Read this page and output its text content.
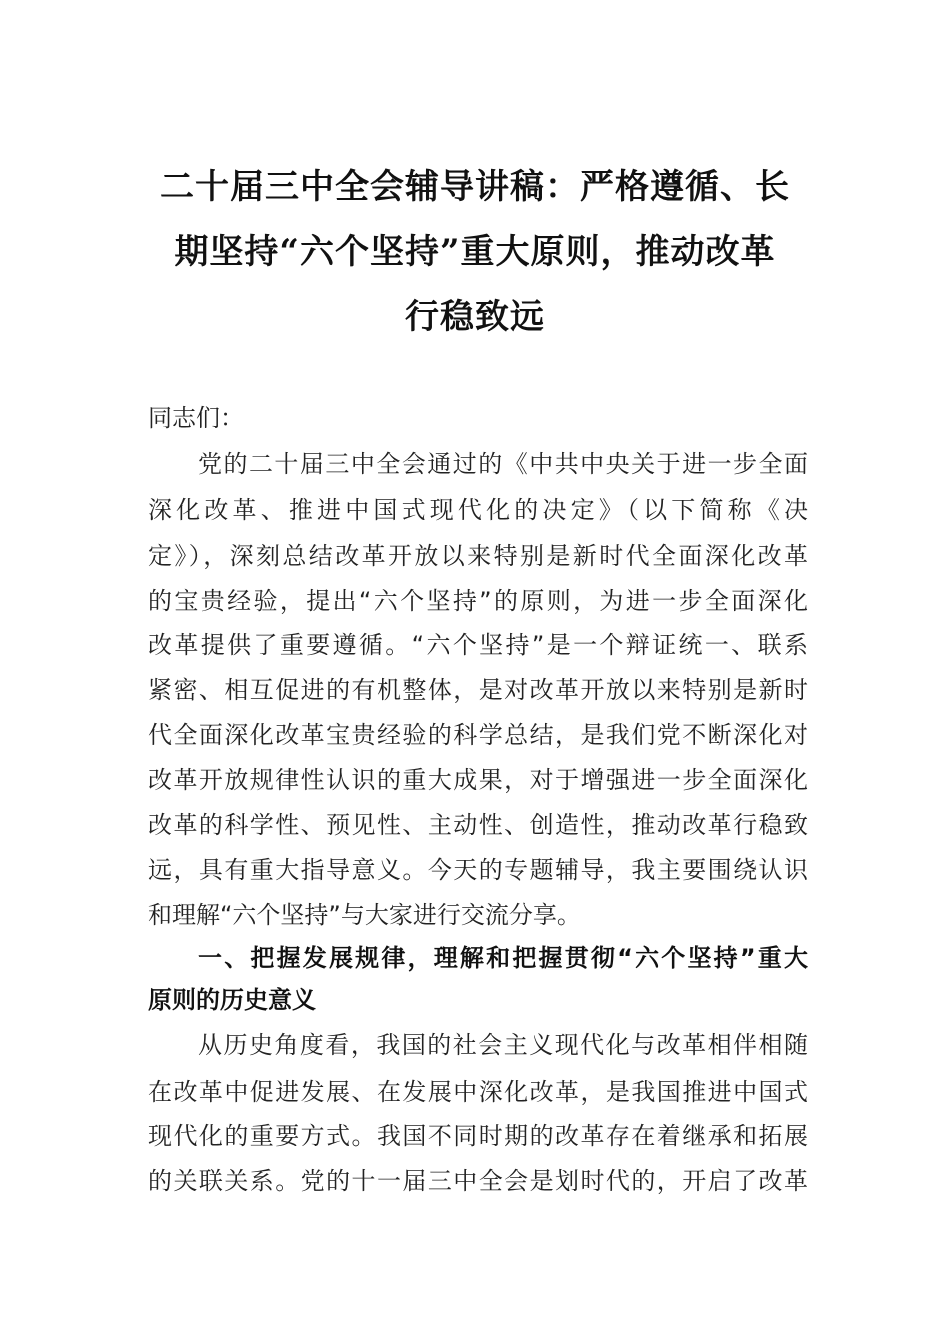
二十届三中全会辅导讲稿：严格遵循、长
期坚持“六个坚持”重大原则，推动改革
行稳致远
同志们：
党的二十届三中全会通过的《中共中央关于进一步全面
深化改革、推进中国式现代化的决定》（以下简称《决
定》），深刻总结改革开放以来特别是新时代全面深化改革
的宝贵经验，提出“六个坚持”的原则，为进一步全面深化
改革提供了重要遵循。“六个坚持”是一个辩证统一、联系
紧密、相互促进的有机整体，是对改革开放以来特别是新时
代全面深化改革宝贵经验的科学总结，是我们党不断深化对
改革开放规律性认识的重大成果，对于增强进一步全面深化
改革的科学性、预见性、主动性、创造性，推动改革行稳致
远，具有重大指导意义。今天的专题辅导，我主要围绕认识
和理解“六个坚持”与大家进行交流分享。
一、把握发展规律，理解和把握贯彻“六个坚持”重大
原则的历史意义
从历史角度看，我国的社会主义现代化与改革相伴相随
在改革中促进发展、在发展中深化改革，是我国推进中国式
现代化的重要方式。我国不同时期的改革存在着继承和拓展
的关联关系。党的十一届三中全会是划时代的，开启了改革
